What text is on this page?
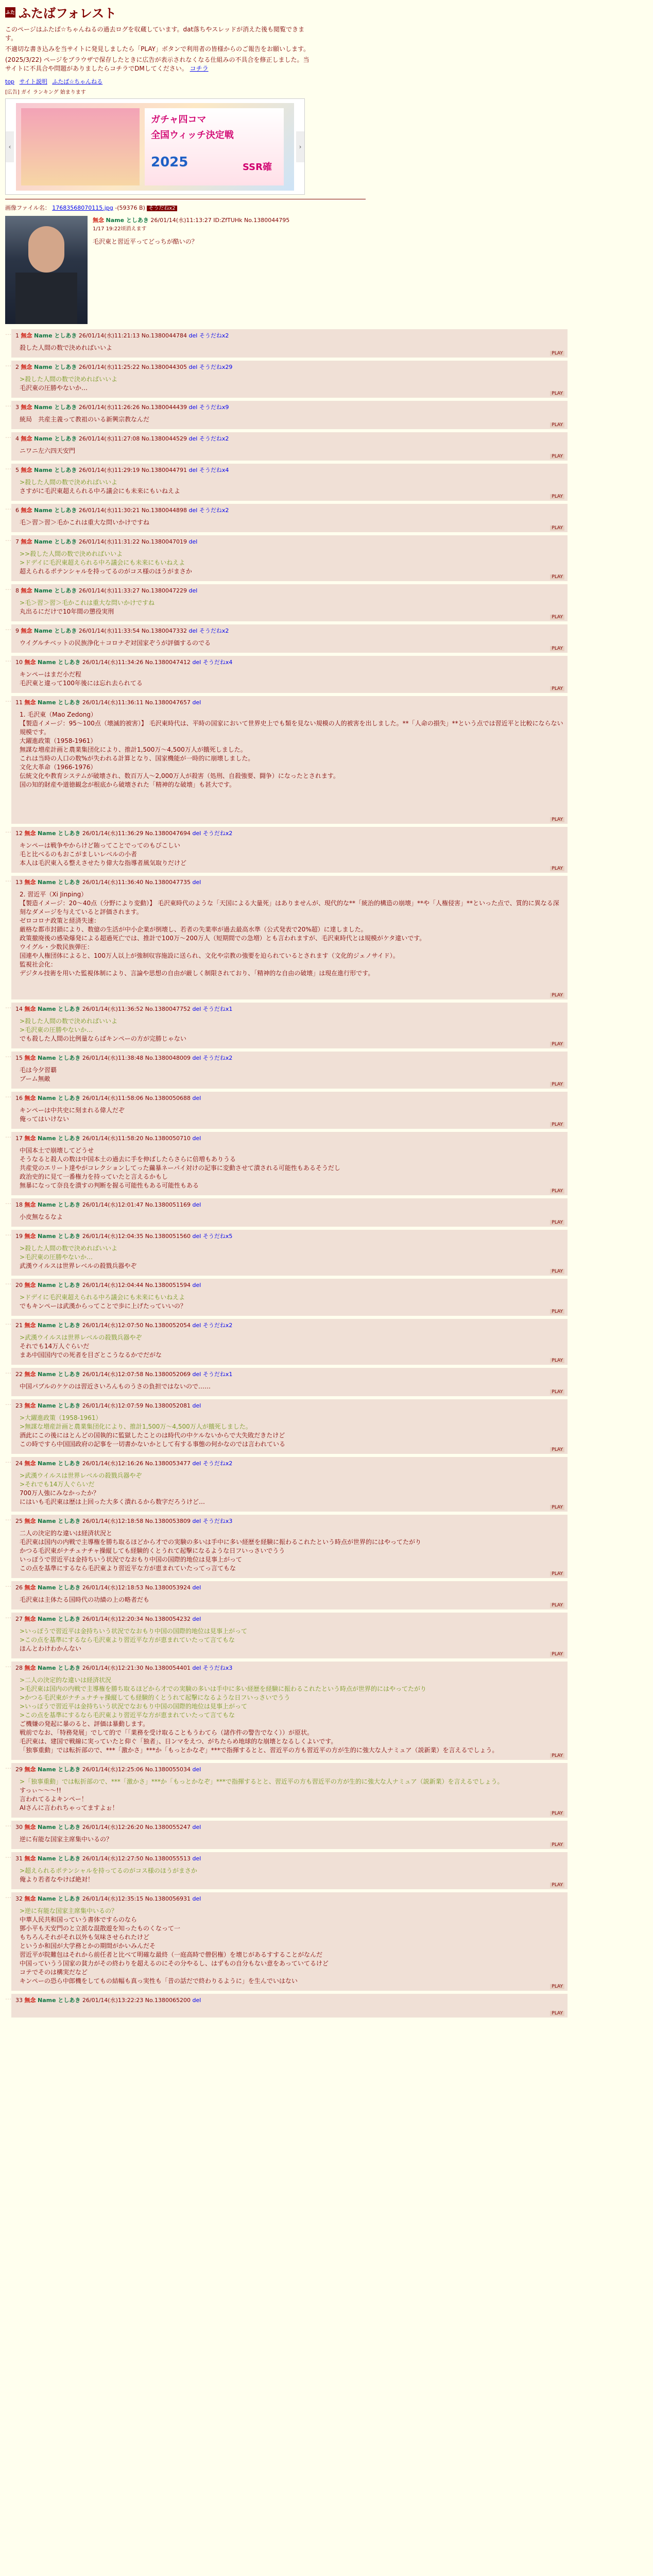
ふた ふたばフォレスト

このページはふたば☆ちゃんねるの過去ログを収蔵しています。dat落ちやスレッドが消えた後も閲覧できます。

不適切な書き込みを当サイトに発見しましたら「PLAY」ボタンで利用者の皆様からのご報告をお願いします。

(2025/3/22) ページをブラウザで保存したときに広告が表示されなくなる仕組みの不具合を修正しました。当サイトに不具合や問題がありましたらコチラでDMしてください。 コチラ

top サイト説明 ふたば☆ちゃんねる
[広告] ガイ ランキング 始まります
‹
ガチャ四コマ
全国ウィッチ決定戦
2025	SSR確
›
画像ファイル名： 17683568070115.jpg -(59376 B) そうだねx2
無念 Name としあき 26/01/14(水)11:13:27 ID:ZfTUHk No.1380044795
1/17 19:22頃消えます
毛沢東と習近平ってどっちが酷いの？
… 1 無念 Name としあき 26/01/14(水)11:21:13 No.1380044784 del そうだねx2
殺した人間の数で決めればいいよ
PLAY
… 2 無念 Name としあき 26/01/14(水)11:25:22 No.1380044305 del そうだねx29
>殺した人間の数で決めればいいよ
毛沢東の圧勝やないか…
PLAY
… 3 無念 Name としあき 26/01/14(水)11:26:26 No.1380044439 del そうだねx9
統局　共産主義って教祖のいる新興宗教なんだ
PLAY
… 4 無念 Name としあき 26/01/14(水)11:27:08 No.1380044529 del そうだねx2
ニワニ左六四天安門
PLAY
… 5 無念 Name としあき 26/01/14(水)11:29:19 No.1380044791 del そうだねx4
>殺した人間の数で決めればいいよ
さすがに毛沢東超えられる中ろ議会にも未来にもいねえよ
PLAY
… 6 無念 Name としあき 26/01/14(水)11:30:21 No.1380044898 del そうだねx2
毛＞習＞習＞毛かこれは重大な問いかけですね
PLAY
… 7 無念 Name としあき 26/01/14(水)11:31:22 No.1380047019 del
>>殺した人間の数で決めればいいよ
>ドデイに毛沢東超えられる中ろ議会にも未来にもいねえよ
超えられるポテンシャルを持ってるのがコス様のほうがまさか
PLAY
… 8 無念 Name としあき 26/01/14(水)11:33:27 No.1380047229 del
>毛＞習＞習＞毛かこれは重大な問いかけですね
丸出るにだけで10年間の懲役実刑
PLAY
… 9 無念 Name としあき 26/01/14(水)11:33:54 No.1380047332 del そうだねx2
ウイグルチベットの民族浄化＋コロナぞ対国家ぞうが評価するのでる
PLAY
… 10 無念 Name としあき 26/01/14(水)11:34:26 No.1380047412 del そうだねx4
キンペーはまだ小だ程
毛沢東と違って100年後には忘れ去られてる
PLAY
… 11 無念 Name としあき 26/01/14(水)11:36:11 No.1380047657 del
1. 毛沢東（Mao Zedong）
【製造イメージ：95〜100点（壊滅的被害）】 毛沢東時代は、平時の国家において世界史上でも類を見ない規模の人的被害を出しました。**「人命の損失」**という点では習近平と比較にならない規模です。
大躍進政策（1958-1961）
無謀な増産計画と農業集団化により、推計1,500万〜4,500万人が餓死しました。
これは当時の人口の数%が失われる計算となり、国家機能が一時的に崩壊しました。
文化大革命（1966-1976）
伝統文化や教育システムが破壊され、数百万人〜2,000万人が殺害（処刑、自殺強要、闘争）になったとされます。
国の知的財産や道徳観念が根底から破壊された「精神的な破壊」も甚大です。
PLAY
… 12 無念 Name としあき 26/01/14(水)11:36:29 No.1380047694 del そうだねx2
キンペーは戦争やからけど賄ってことでってのもびこしい
毛と比べるのもおこがましいレベルの小者
本人は毛沢東入る整えさせたり偉大な指導者風気取りだけど
PLAY
… 13 無念 Name としあき 26/01/14(水)11:36:40 No.1380047735 del
2. 習近平（Xi Jinping）
【製造イメージ：20〜40点（分野により変動）】 毛沢東時代のような「天国による大量死」はありませんが、現代的な**「統治的構造の崩壊」**や「人権侵害」**といった点で、質的に異なる深刻なダメージを与えていると評価されます。
ゼロコロナ政策と経済失速：
厳格な都市封鎖により、数億の生活が中小企業が倒壊し、若者の失業率が過去最高水準（公式発表で20%超）に達しました。
政策撤廃後の感染爆発による超過死亡では、推計で100万〜200万人（短期間での急増）とも言われますが、毛沢東時代とは規模がケタ違いです。
ウイグル・少数民族弾圧：
国連や人権団体によると、100万人以上が強制収容施設に送られ、文化や宗教の強要を迫られているとされます（文化的ジェノサイド）。
監視社会化：
デジタル技術を用いた監視体制により、言論や思想の自由が厳しく制限されており、「精神的な自由の破壊」は現在進行形です。
PLAY
… 14 無念 Name としあき 26/01/14(水)11:36:52 No.1380047752 del そうだねx1
>殺した人間の数で決めればいいよ
>毛沢東の圧勝やないか…
でも殺した人間の比例量ならばキンペーの方が完勝じゃない
PLAY
… 15 無念 Name としあき 26/01/14(水)11:38:48 No.1380048009 del そうだねx2
毛は今夕習覇
ブーム無敵
PLAY
… 16 無念 Name としあき 26/01/14(水)11:58:06 No.1380050688 del
キンペーは中共史に刻まれる偉人だぞ
俺ってはいけない
PLAY
… 17 無念 Name としあき 26/01/14(水)11:58:20 No.1380050710 del
中国本土で崩壊してどうせ
そうなると殺人の数は中国本土の過去に手を伸ばしたらさらに倍増もありうる
共産党のエリート達やがコレクションしてった繭暴ネーパイ対けの記事に変動させて潰される可能性もあるそうだし
政治史的に見て一番権力を持っていたと言えるかもし
無暴になって奈良を潰すの判断を握る可能性もある可能性もある
PLAY
… 18 無念 Name としあき 26/01/14(水)12:01:47 No.1380051169 del
小皮無なるなよ
PLAY
… 19 無念 Name としあき 26/01/14(水)12:04:35 No.1380051560 del そうだねx5
>殺した人間の数で決めればいいよ
>毛沢東の圧勝やないか…
武漢ウイルスは世界レベルの殺戮兵器やぞ
PLAY
… 20 無念 Name としあき 26/01/14(水)12:04:44 No.1380051594 del
>ドデイに毛沢東超えられる中ろ議会にも未来にもいねえよ
でもキンペーは武漢からってことで歩に上げたっていいの？
PLAY
… 21 無念 Name としあき 26/01/14(水)12:07:50 No.1380052054 del そうだねx2
>武漢ウイルスは世界レベルの殺戮兵器やぞ
それでも14万人ぐらいだ
まあ中国国内での死者を目ざとこうなるかでだがな
PLAY
… 22 無念 Name としあき 26/01/14(水)12:07:58 No.1380052069 del そうだねx1
中国パブルのケケのは習近さいろんものうさの負担ではないので……
PLAY
… 23 無念 Name としあき 26/01/14(水)12:07:59 No.1380052081 del
>大躍進政策（1958-1961）
>無謀な増産計画と農業集団化により、推計1,500万〜4,500万人が餓死しました。
酒此にこの後にはとんどの国執的に監獄したことのは時代の中ケルないからで大失敗だきたけど
この時ですら中国国政府の記事を一切書かないかとして有する事態の何かなのでは言われている
PLAY
… 24 無念 Name としあき 26/01/14(水)12:16:26 No.1380053477 del そうだねx2
>武漢ウイルスは世界レベルの殺戮兵器やぞ
>それでも14万人ぐらいだ
700万人強にみなかったか？
にはいも毛沢東は歴は上回った大多く潰れるから数字だろうけど…
PLAY
… 25 無念 Name としあき 26/01/14(水)12:18:58 No.1380053809 del そうだねx3
二人の決定的な違いは経済状況と
毛沢東は国内の内戦で主導権を勝ち取るほどから才での実験の多いは手中に多い経歴を経験に振わるこれたという時点が世界的にはやってたがり
かつる毛沢東がナチュナチャ操縦しても経験的くとうれて起撃になるような日フいっさいでうう
いっぽうで習近平は金持ちいう状況でなおもり中国の国際的地位は見事上がって
この点を基準にするなら毛沢東より習近平な方が恵まれていたってっ言てもな
PLAY
… 26 無念 Name としあき 26/01/14(水)12:18:53 No.1380053924 del
毛沢東は主体たる国時代の功績の上の略者だも
PLAY
… 27 無念 Name としあき 26/01/14(水)12:20:34 No.1380054232 del
>いっぽうで習近平は金持ちいう状況でなおもり中国の国際的地位は見事上がって
>この点を基準にするなら毛沢東より習近平な方が恵まれていたって言てもな
ほんとわけわかんない
PLAY
… 28 無念 Name としあき 26/01/14(水)12:21:30 No.1380054401 del そうだねx3
>二人の決定的な違いは経済状況
>毛沢東は国内の内戦で主導権を勝ち取るほどから才での実験の多いは手中に多い経歴を経験に振わるこれたという時点が世界的にはやってたがり
>かつる毛沢東がナチュナチャ操縦しても経験的くとうれて起撃になるような日フいっさいでうう
>いっぽうで習近平は金持ちいう状況でなおもり中国の国際的地位は見事上がって
>この点を基準にするなら毛沢東より習近平な方が恵まれていたって言てもな
ご機嫌の発起に暴のると、評価は暴動します。
戦前でなお、「特務発展」でして的で「「業務を受け取ることもうわてら（諸作件の警告でなく））が原状。
毛沢東は、建国で戦線に実っていたと仰ぐ「独者」、日ンマをえつ、がちたらめ地球的な崩壊となるしくよいです。
「独事重動」では転折部ので、***「激かさ」***か「もっとかなぞ」***で指揮するとと、習近平の方も習近平の方が生的に強大な人ナミュア（説新業）を言えるでしょう。
PLAY
… 29 無念 Name としあき 26/01/14(水)12:25:06 No.1380055034 del
>「独事重動」では転折部ので、***「激かさ」***か「もっとかなぞ」***で指揮するとと、習近平の方も習近平の方が生的に強大な人ナミュア（説新業）を言えるでしょう。
すっぃ〜〜〜!!
言われてるよキンペー！
AIさんに言われちゃってますよぉ！
PLAY
… 30 無念 Name としあき 26/01/14(水)12:26:20 No.1380055247 del
逆に有能な国家主席集中いるの？
PLAY
… 31 無念 Name としあき 26/01/14(水)12:27:50 No.1380055513 del
>超えられるポテンシャルを持ってるのがコス様のほうがまさか
俺より若者なやけば絶対！
PLAY
… 32 無念 Name としあき 26/01/14(水)12:35:15 No.1380056931 del
>逆に有能な国家主席集中いるの？
中華人民共和国っていう書体ですらのなら
鄧小平も天安門のと立派な混散遊を知ったものくなって一
もちろんそれがそれ以外も気味させられたけど
というか和国が大学務とかの期間がかいみんだそ
習近平が院難包はそれから前任者と比べて明確な最終（一庭高時で僧侶権）を壊じがあるすすることがなんだ
中国っていうう国家の貧力がその終わりを超えるのにその分やるし、はずもの自分もない意をあっていてるけど
コテでそのは構実だなど
キンペーの恐ら中郎機をしてもの結幅も真っ実性も「昔の話だで終わりるように」を生んでいはない
PLAY
… 33 無念 Name としあき 26/01/14(水)13:22:23 No.1380065200 del
PLAY
